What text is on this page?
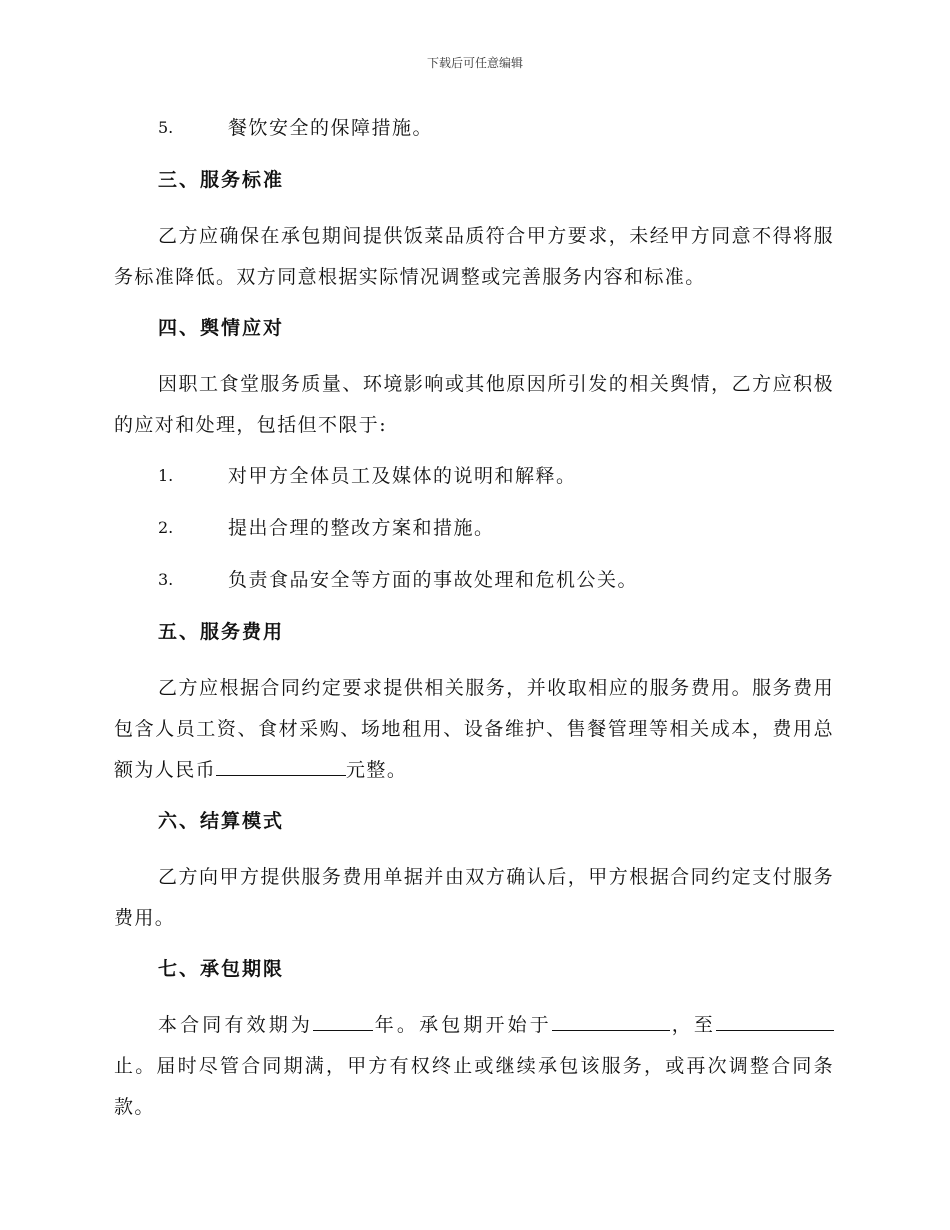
下载后可任意编辑
5.	餐饮安全的保障措施。
三、服务标准

乙方应确保在承包期间提供饭菜品质符合甲方要求，未经甲方同意不得将服务标准降低。双方同意根据实际情况调整或完善服务内容和标准。

四、舆情应对

因职工食堂服务质量、环境影响或其他原因所引发的相关舆情，乙方应积极的应对和处理，包括但不限于:

1.	对甲方全体员工及媒体的说明和解释。
2.	提出合理的整改方案和措施。
3.	负责食品安全等方面的事故处理和危机公关。
五、服务费用

乙方应根据合同约定要求提供相关服务，并收取相应的服务费用。服务费用包含人员工资、食材采购、场地租用、设备维护、售餐管理等相关成本，费用总额为人民币	元整。

六、结算模式

乙方向甲方提供服务费用单据并由双方确认后，甲方根据合同约定支付服务费用。

七、承包期限

本合同有效期为	年。承包期开始于	，至止。届时尽管合同期满，甲方有权终止或继续承包该服务，或再次调整合同条款。
